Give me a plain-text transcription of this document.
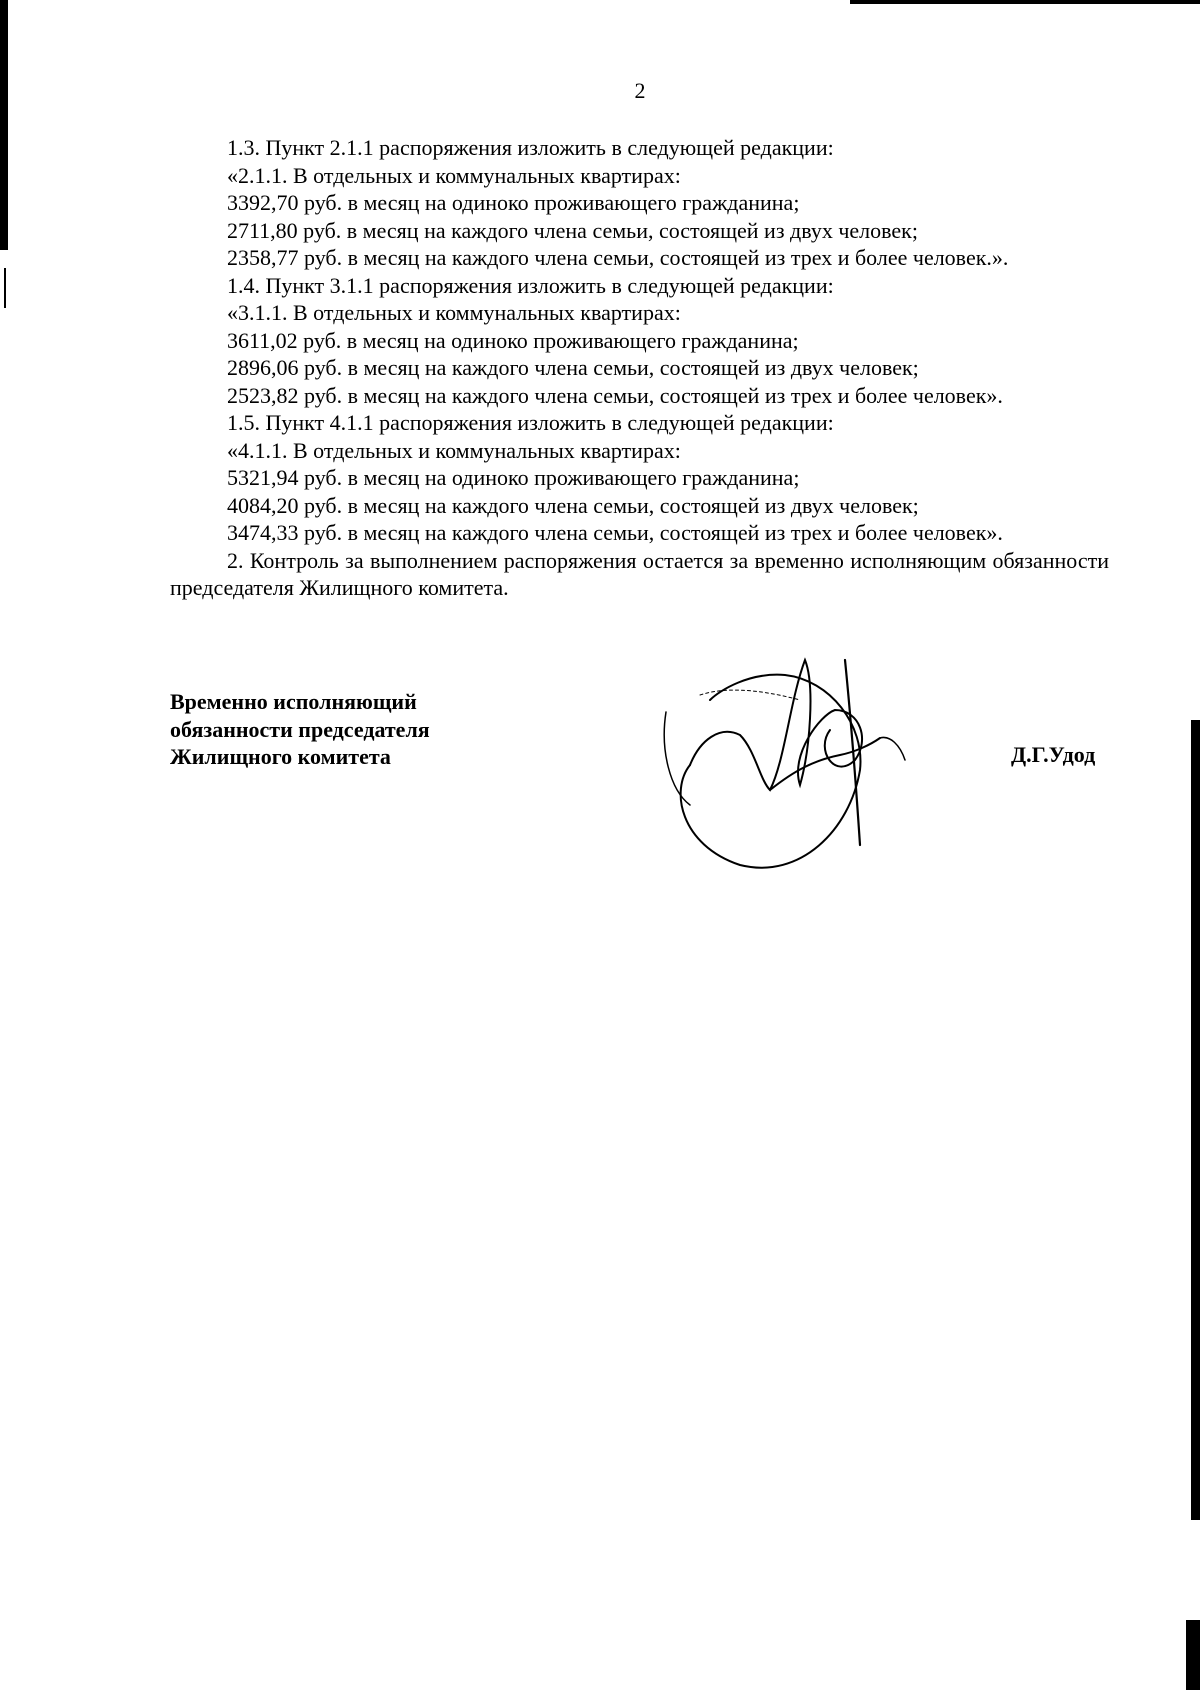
2
1.3. Пункт 2.1.1 распоряжения изложить в следующей редакции:
«2.1.1. В отдельных и коммунальных квартирах:
3392,70 руб. в месяц на одиноко проживающего гражданина;
2711,80 руб. в месяц на каждого члена семьи, состоящей из двух человек;
2358,77 руб. в месяц на каждого члена семьи, состоящей из трех и более человек.».
1.4. Пункт 3.1.1 распоряжения изложить в следующей редакции:
«3.1.1. В отдельных и коммунальных квартирах:
3611,02 руб. в месяц на одиноко проживающего гражданина;
2896,06 руб. в месяц на каждого члена семьи, состоящей из двух человек;
2523,82 руб. в месяц на каждого члена семьи, состоящей из трех и более человек».
1.5. Пункт 4.1.1 распоряжения изложить в следующей редакции:
«4.1.1. В отдельных и коммунальных квартирах:
5321,94 руб. в месяц на одиноко проживающего гражданина;
4084,20 руб. в месяц на каждого члена семьи, состоящей из двух человек;
3474,33 руб. в месяц на каждого члена семьи, состоящей из трех и более человек».
2. Контроль за выполнением распоряжения остается за временно исполняющим обязанности председателя Жилищного комитета.
Временно исполняющий
обязанности председателя
Жилищного комитета	Д.Г.Удод
